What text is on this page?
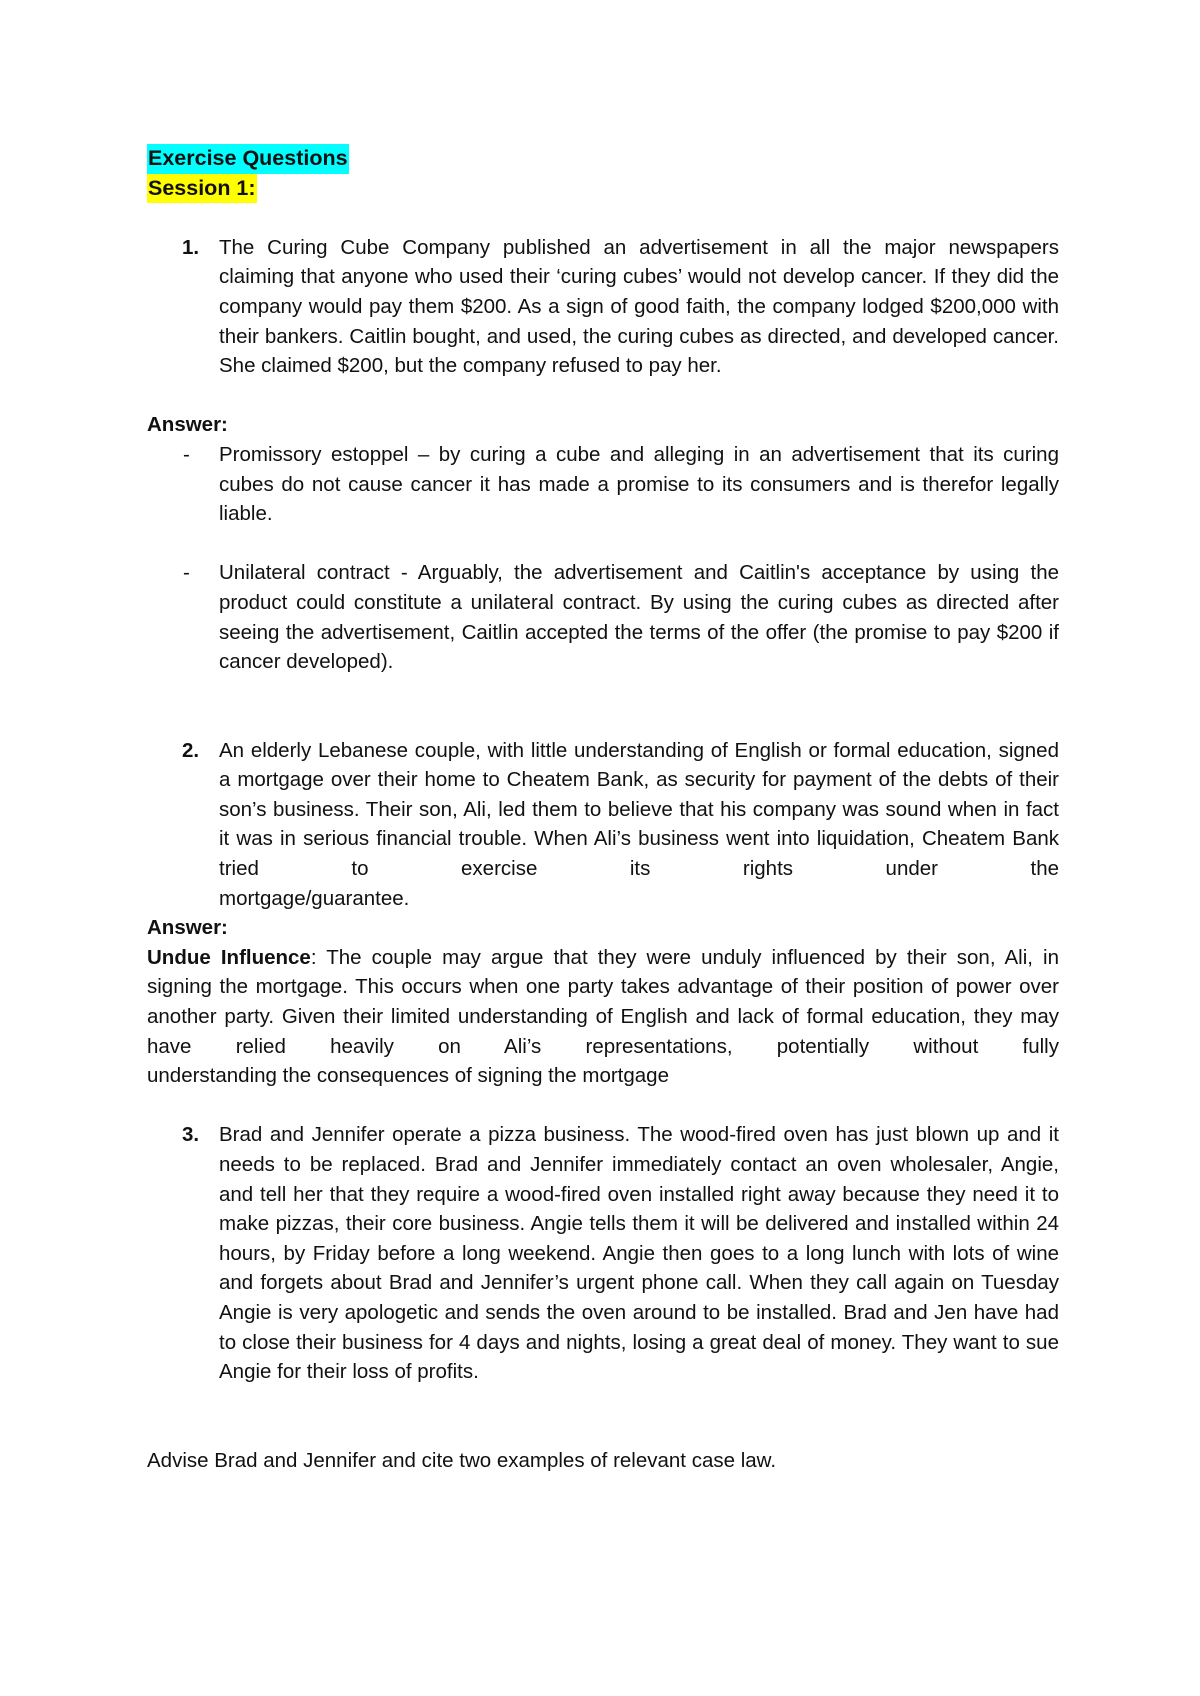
Exercise Questions
Session 1:
1. The Curing Cube Company published an advertisement in all the major newspapers claiming that anyone who used their ‘curing cubes’ would not develop cancer. If they did the company would pay them $200. As a sign of good faith, the company lodged $200,000 with their bankers. Caitlin bought, and used, the curing cubes as directed, and developed cancer. She claimed $200, but the company refused to pay her.
Answer:
- Promissory estoppel – by curing a cube and alleging in an advertisement that its curing cubes do not cause cancer it has made a promise to its consumers and is therefor legally liable.
- Unilateral contract - Arguably, the advertisement and Caitlin's acceptance by using the product could constitute a unilateral contract. By using the curing cubes as directed after seeing the advertisement, Caitlin accepted the terms of the offer (the promise to pay $200 if cancer developed).
2. An elderly Lebanese couple, with little understanding of English or formal education, signed a mortgage over their home to Cheatem Bank, as security for payment of the debts of their son’s business. Their son, Ali, led them to believe that his company was sound when in fact it was in serious financial trouble. When Ali’s business went into liquidation, Cheatem Bank tried to exercise its rights under the
mortgage/guarantee.
Answer:
Undue Influence: The couple may argue that they were unduly influenced by their son, Ali, in signing the mortgage. This occurs when one party takes advantage of their position of power over another party. Given their limited understanding of English and lack of formal education, they may have relied heavily on Ali’s representations, potentially without fully
understanding the consequences of signing the mortgage
3. Brad and Jennifer operate a pizza business. The wood-fired oven has just blown up and it needs to be replaced. Brad and Jennifer immediately contact an oven wholesaler, Angie, and tell her that they require a wood-fired oven installed right away because they need it to make pizzas, their core business. Angie tells them it will be delivered and installed within 24 hours, by Friday before a long weekend. Angie then goes to a long lunch with lots of wine and forgets about Brad and Jennifer’s urgent phone call. When they call again on Tuesday Angie is very apologetic and sends the oven around to be installed. Brad and Jen have had to close their business for 4 days and nights, losing a great deal of money. They want to sue Angie for their loss of profits.
Advise Brad and Jennifer and cite two examples of relevant case law.
